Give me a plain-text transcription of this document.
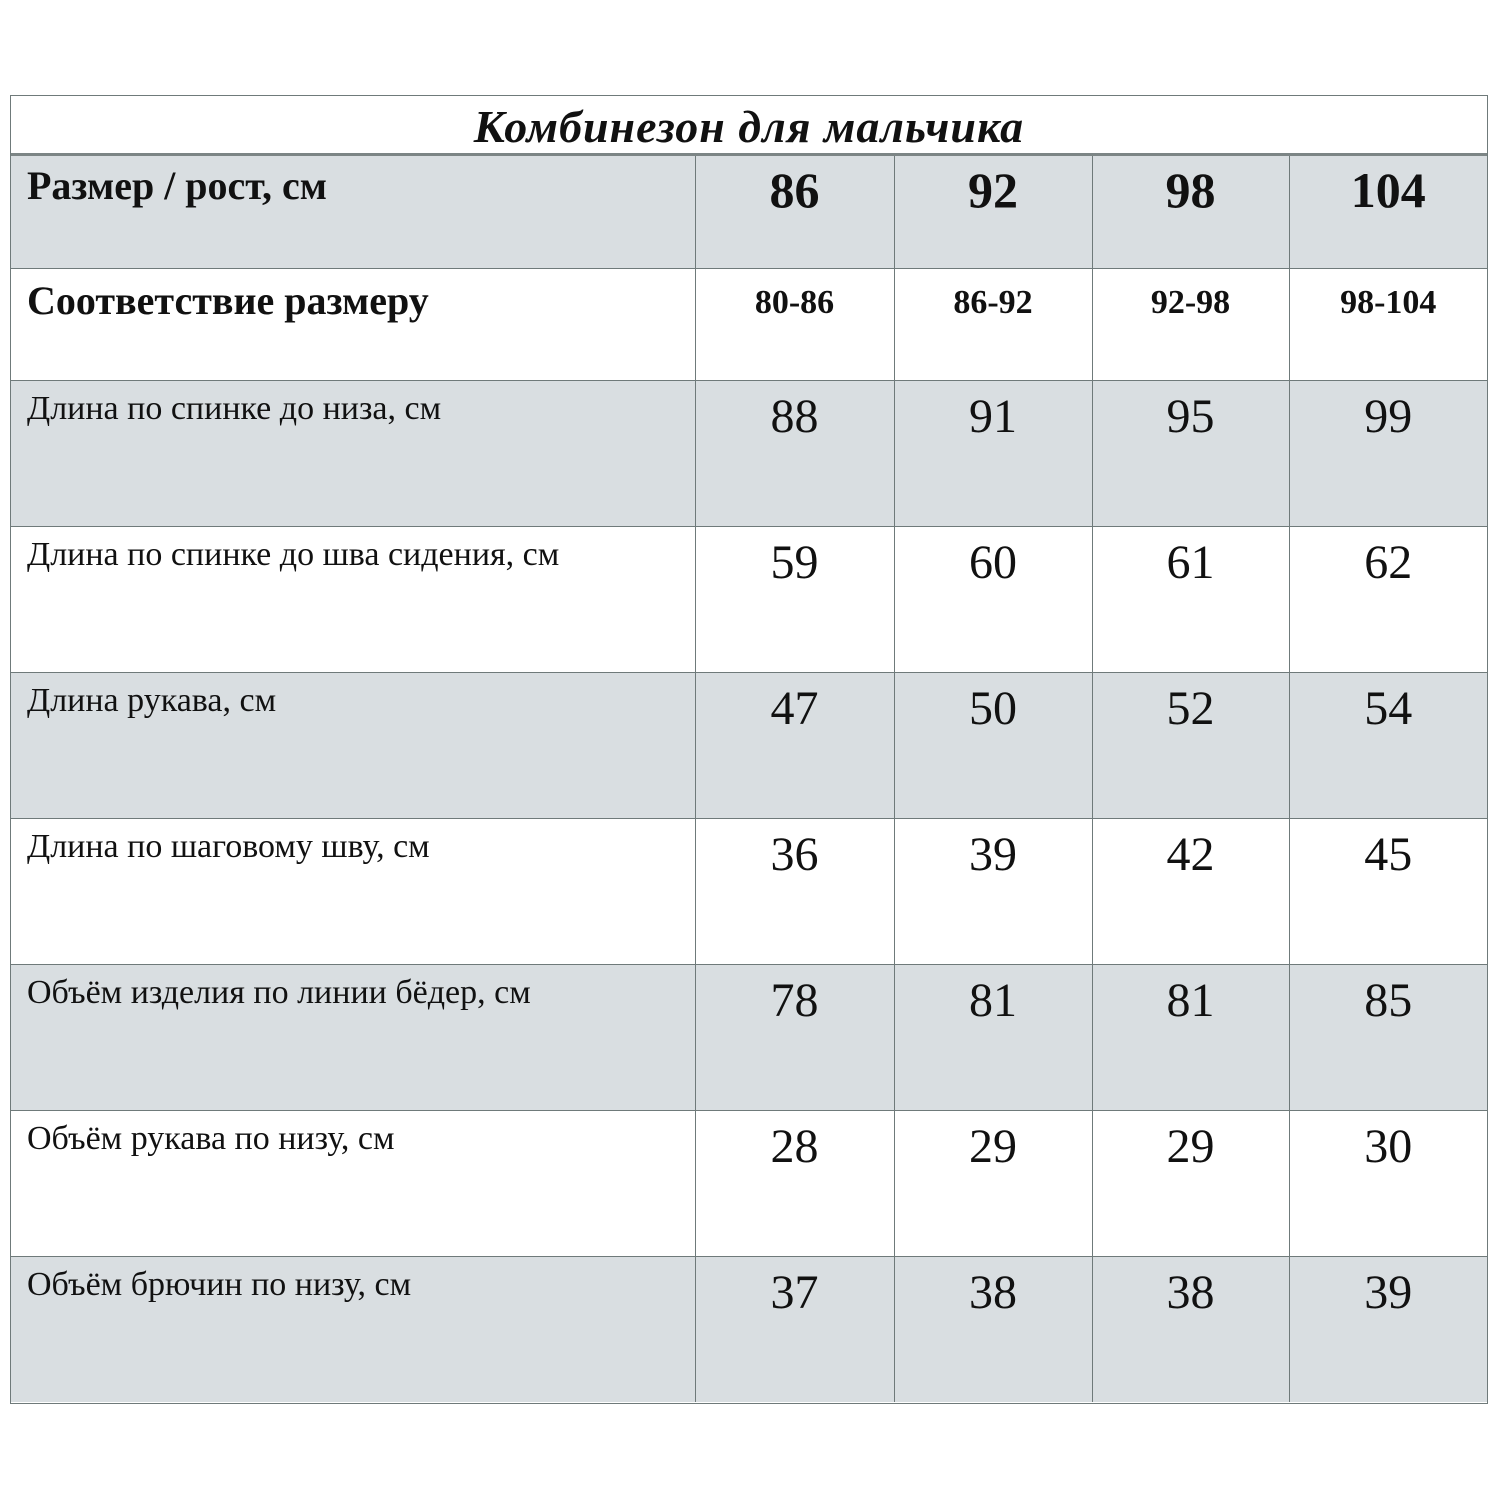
Комбинезон для мальчика
Размер / рост, см	86	92	98	104
Соответствие размеру	80-86	86-92	92-98	98-104
Длина по спинке до низа, см	88	91	95	99
Длина по спинке до шва сидения, см	59	60	61	62
Длина рукава, см	47	50	52	54
Длина по шаговому шву, см	36	39	42	45
Объём изделия по линии бёдер, см	78	81	81	85
Объём рукава по низу, см	28	29	29	30
Объём брючин по низу, см	37	38	38	39
